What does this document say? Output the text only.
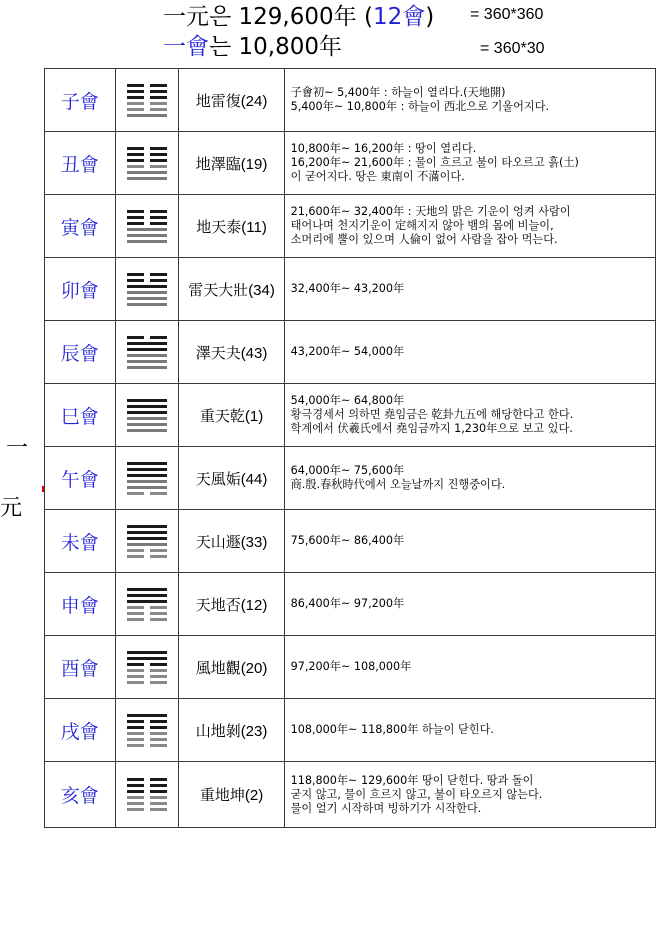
一元은 129,600年 (12會) = 360*360
一會는 10,800年	= 360*30
一
元
子會		地雷復(24)	子會初~ 5,400年 : 하늘이 열리다.(天地開)
5,400年~ 10,800年 : 하늘이 西北으로 기울어지다.

丑會		地澤臨(19)	10,800年~ 16,200年 : 땅이 열리다.
16,200年~ 21,600年 : 물이 흐르고 불이 타오르고 흙(土)
이 굳어지다. 땅은 東南이 不滿이다.

寅會		地天泰(11)	21,600年~ 32,400年 : 天地의 맑은 기운이 엉켜 사람이
태어나며 천지기운이 定해지지 않아 뱀의 몸에 비늘이,
소머리에 뿔이 있으며 人倫이 없어 사람을 잡아 먹는다.

卯會		雷天大壯(34)	32,400年~ 43,200年

辰會		澤天夬(43)	43,200年~ 54,000年

巳會		重天乾(1)	54,000年~ 64,800年
황극경세서 의하면 堯임금은 乾卦九五에 해당한다고 한다.
학계에서 伏羲氏에서 堯임금까지 1,230年으로 보고 있다.

午會		天風姤(44)	64,000年~ 75,600年
商.殷.春秋時代에서 오늘날까지 진행중이다.

未會		天山遯(33)	75,600年~ 86,400年

申會		天地否(12)	86,400年~ 97,200年

酉會		風地觀(20)	97,200年~ 108,000年

戌會		山地剝(23)	108,000年~ 118,800年 하늘이 닫힌다.

亥會		重地坤(2)	118,800年~ 129,600年 땅이 닫힌다. 땅과 돌이
굳지 않고, 물이 흐르지 않고, 불이 타오르지 않는다.
물이 얼기 시작하며 빙하기가 시작한다.
